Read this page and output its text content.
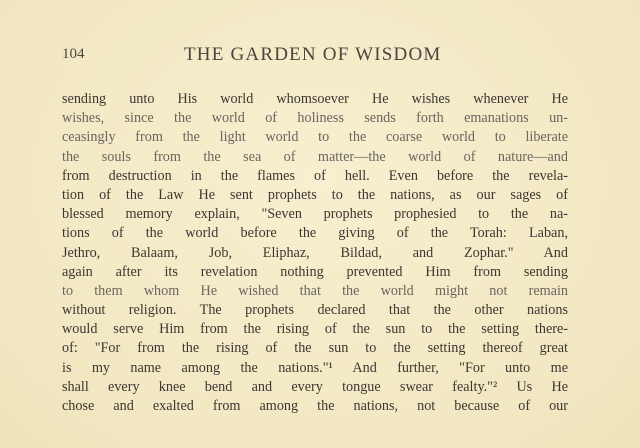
104	THE GARDEN OF WISDOM
sending unto His world whomsoever He wishes whenever He
wishes, since the world of holiness sends forth emanations un-
ceasingly from the light world to the coarse world to liberate
the souls from the sea of matter—the world of nature—and
from destruction in the flames of hell. Even before the revela-
tion of the Law He sent prophets to the nations, as our sages of
blessed memory explain, "Seven prophets prophesied to the na-
tions of the world before the giving of the Torah: Laban,
Jethro, Balaam, Job, Eliphaz, Bildad, and Zophar." And
again after its revelation nothing prevented Him from sending
to them whom He wished that the world might not remain
without religion. The prophets declared that the other nations
would serve Him from the rising of the sun to the setting there-
of: "For from the rising of the sun to the setting thereof great
is my name among the nations."¹ And further, "For unto me
shall every knee bend and every tongue swear fealty."² Us He
chose and exalted from among the nations, not because of our
